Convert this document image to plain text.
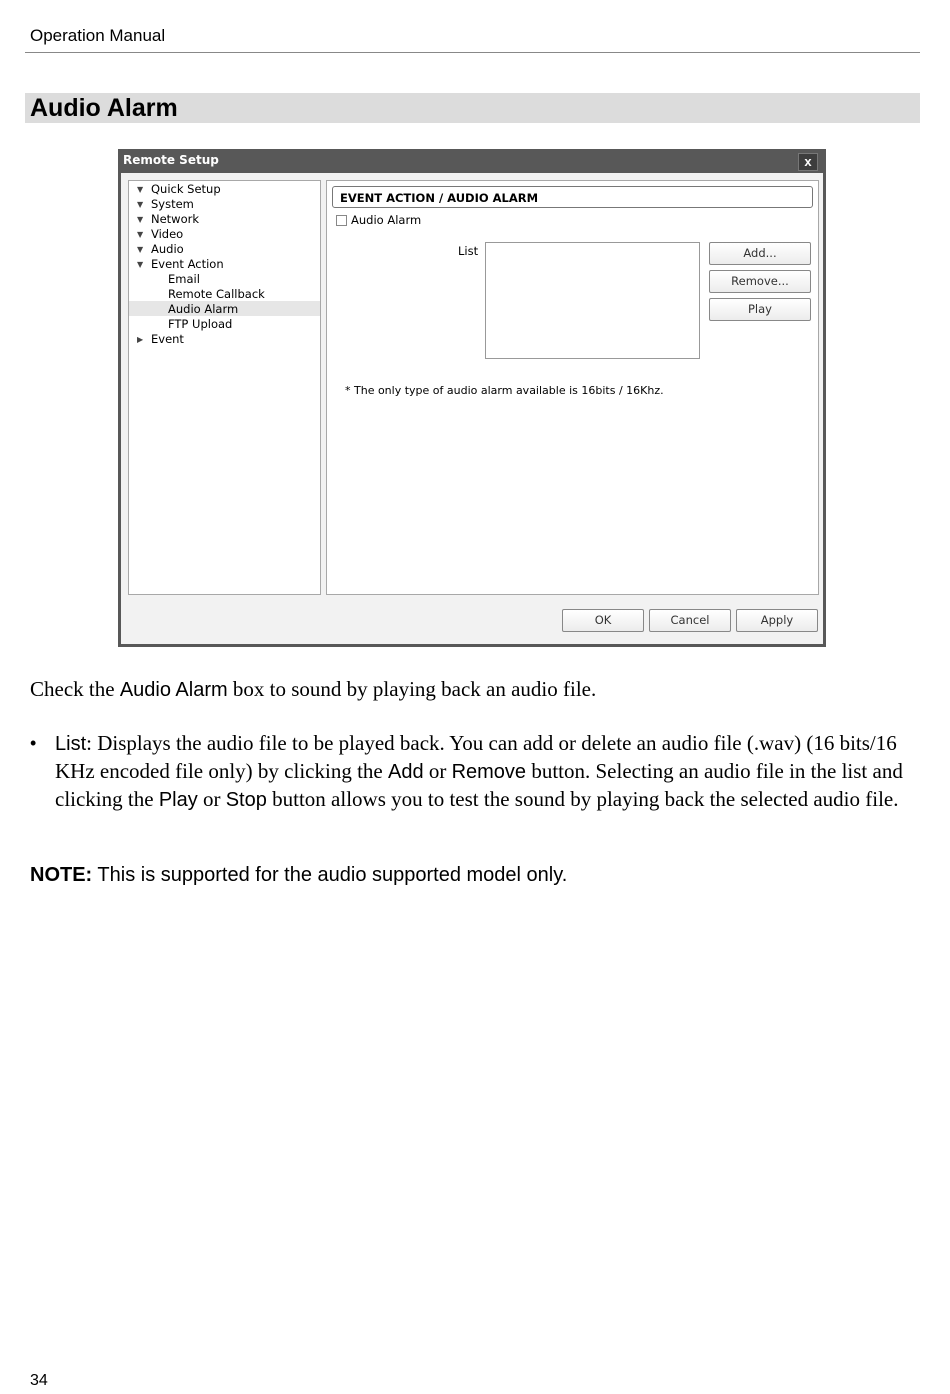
Operation Manual
Audio Alarm
Remote Setup	x
▼ Quick Setup
▼ System
▼ Network
▼ Video
▼ Audio
▼ Event Action
Email
Remote Callback
Audio Alarm
FTP Upload
▶ Event
EVENT ACTION / AUDIO ALARM
Audio Alarm
List	Add...
Remove...
Play
* The only type of audio alarm available is 16bits / 16Khz.
OK	Cancel	Apply
Check the Audio Alarm box to sound by playing back an audio file.
• List: Displays the audio file to be played back. You can add or delete an audio file (.wav) (16 bits/16 KHz encoded file only) by clicking the Add or Remove button. Selecting an audio file in the list and clicking the Play or Stop button allows you to test the sound by playing back the selected audio file.
NOTE: This is supported for the audio supported model only.
34
